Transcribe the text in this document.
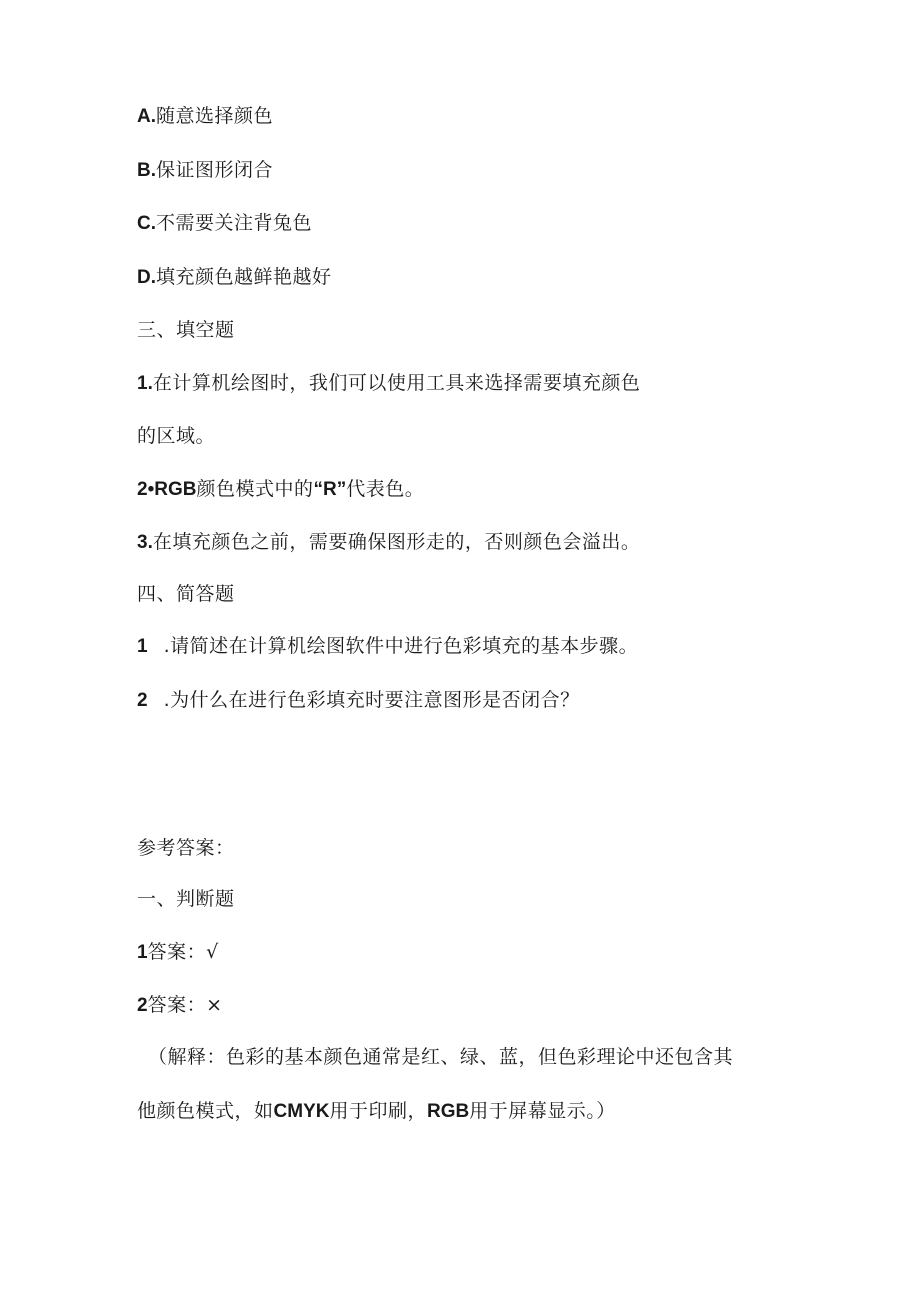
A.随意选择颜色

B.保证图形闭合

C.不需要关注背兔色

D.填充颜色越鲜艳越好

三、填空题

1.在计算机绘图时，我们可以使用工具来选择需要填充颜色

的区域。

2•RGB颜色模式中的“R”代表色。

3.在填充颜色之前，需要确保图形走的，否则颜色会溢出。

四、简答题

1 .请简述在计算机绘图软件中进行色彩填充的基本步骤。

2 .为什么在进行色彩填充时要注意图形是否闭合？

参考答案：

一、判断题

1答案：√

2答案：×

（解释：色彩的基本颜色通常是红、绿、蓝，但色彩理论中还包含其

他颜色模式，如CMYK用于印刷，RGB用于屏幕显示。）
